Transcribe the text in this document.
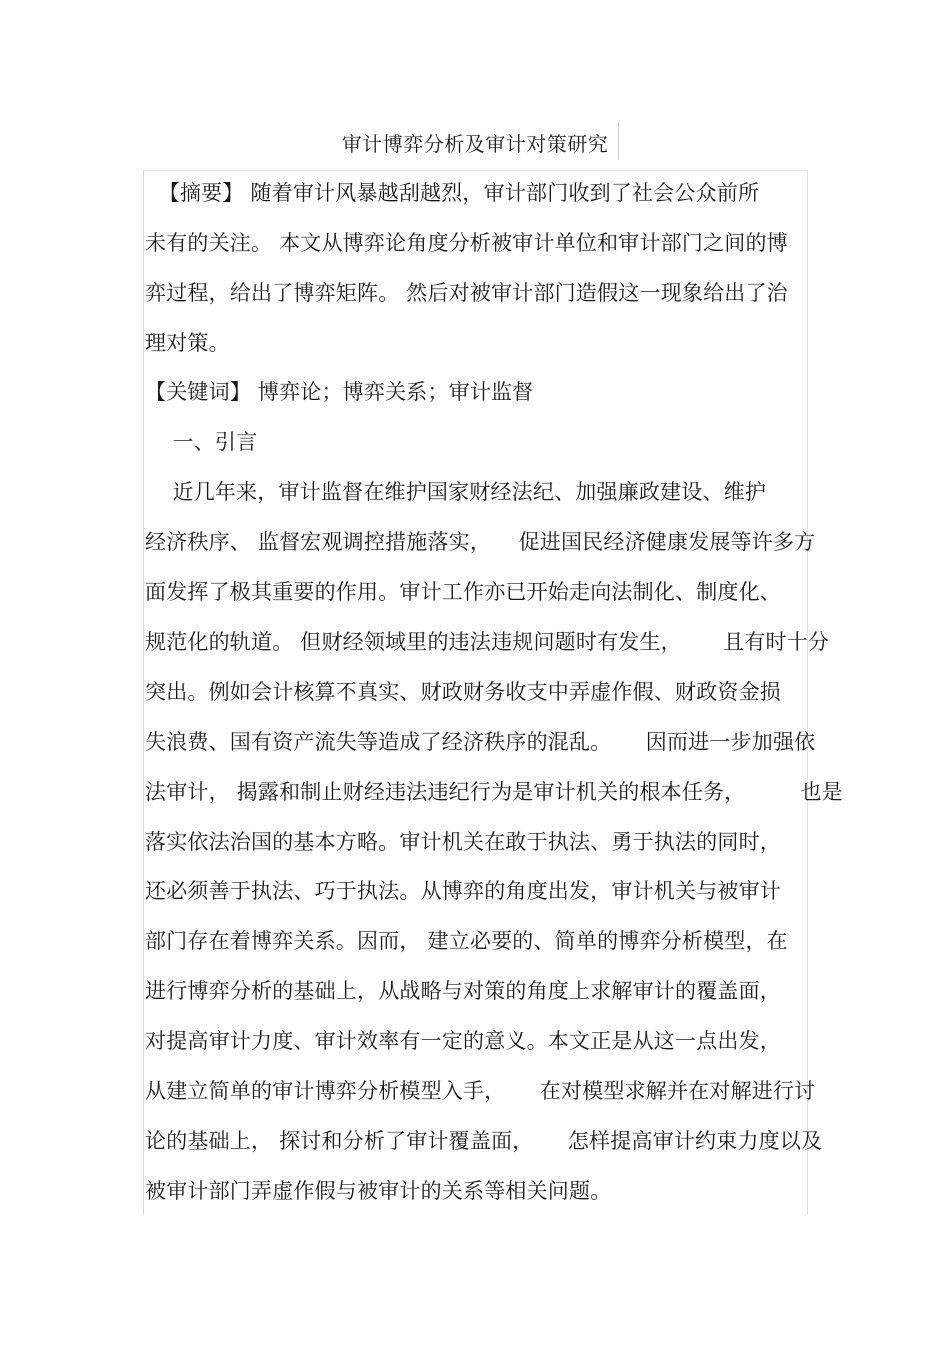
审计博弈分析及审计对策研究
【摘要】 随着审计风暴越刮越烈，审计部门收到了社会公众前所
未有的关注。 本文从博弈论角度分析被审计单位和审计部门之间的博
弈过程，给出了博弈矩阵。 然后对被审计部门造假这一现象给出了治
理对策。
【关键词】 博弈论；博弈关系；审计监督
一、引言
近几年来，审计监督在维护国家财经法纪、加强廉政建设、维护
经济秩序、 监督宏观调控措施落实，    促进国民经济健康发展等许多方
面发挥了极其重要的作用。审计工作亦已开始走向法制化、制度化、
规范化的轨道。 但财经领域里的违法违规问题时有发生，      且有时十分
突出。例如会计核算不真实、财政财务收支中弄虚作假、财政资金损
失浪费、国有资产流失等造成了经济秩序的混乱。     因而进一步加强依
法审计， 揭露和制止财经违法违纪行为是审计机关的根本任务，        也是
落实依法治国的基本方略。审计机关在敢于执法、勇于执法的同时，
还必须善于执法、巧于执法。从博弈的角度出发，审计机关与被审计
部门存在着博弈关系。因而， 建立必要的、简单的博弈分析模型，在
进行博弈分析的基础上，从战略与对策的角度上求解审计的覆盖面，
对提高审计力度、审计效率有一定的意义。本文正是从这一点出发，
从建立简单的审计博弈分析模型入手，     在对模型求解并在对解进行讨
论的基础上， 探讨和分析了审计覆盖面，     怎样提高审计约束力度以及
被审计部门弄虚作假与被审计的关系等相关问题。
